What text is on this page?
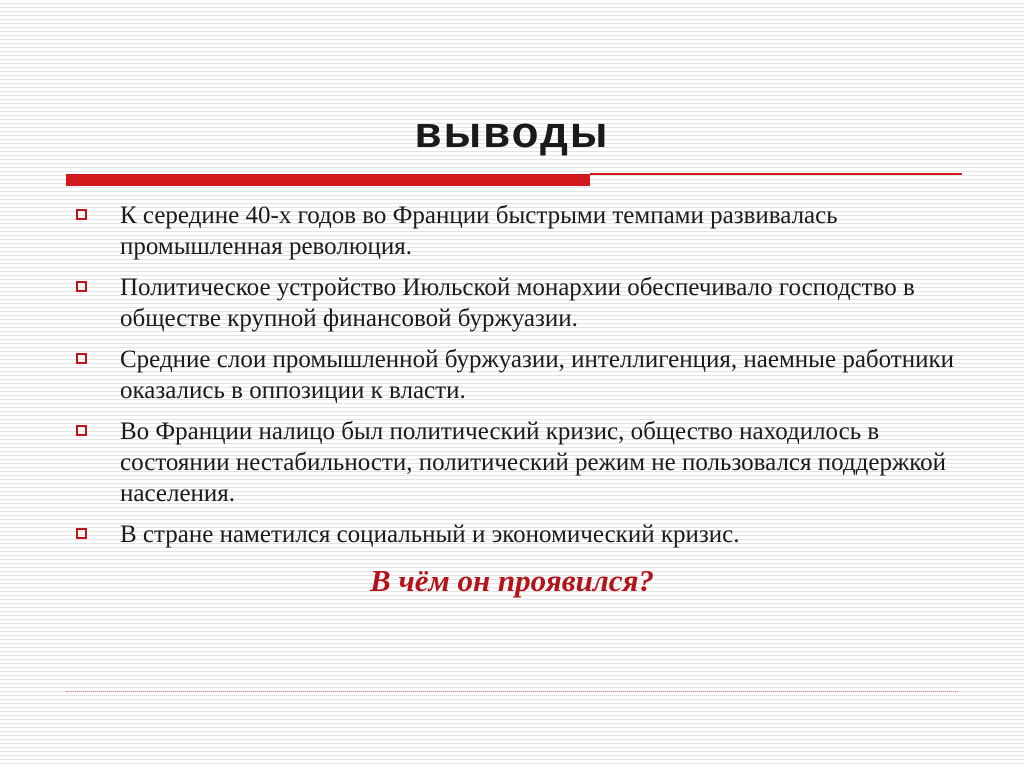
выводы
К середине 40-х годов во Франции быстрыми темпами развивалась промышленная революция.
Политическое устройство Июльской монархии обеспечивало господство в обществе крупной финансовой буржуазии.
Средние слои промышленной буржуазии, интеллигенция, наемные работники оказались в оппозиции к власти.
Во Франции налицо был политический кризис, общество находилось в состоянии нестабильности, политический режим не пользовался поддержкой населения.
В стране наметился социальный и экономический кризис.

В чём он проявился?
